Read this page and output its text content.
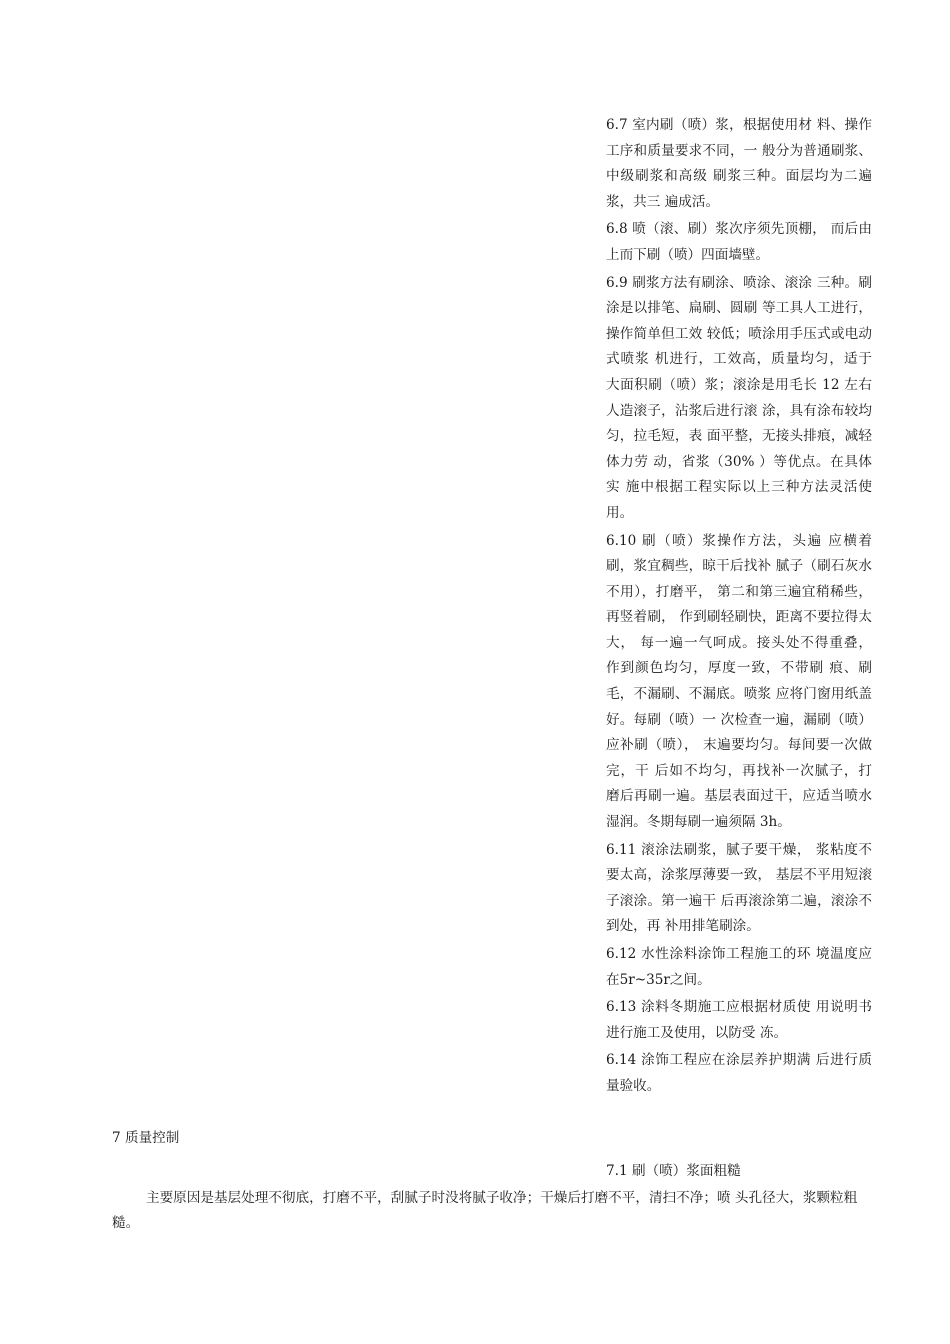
6.7 室内刷（喷）浆，根据使用材 料、操作工序和质量要求不同，一 般分为普通刷浆、中级刷浆和高级 刷浆三种。面层均为二遍浆，共三 遍成活。

6.8 喷（滚、刷）浆次序须先顶棚， 而后由上而下刷（喷）四面墙壁。

6.9 刷浆方法有刷涂、喷涂、滚涂 三种。刷涂是以排笔、扁刷、圆刷 等工具人工进行，操作简单但工效 较低；喷涂用手压式或电动式喷浆 机进行，工效高，质量均匀，适于 大面积刷（喷）浆；滚涂是用毛长 12 左右人造滚子，沾浆后进行滚 涂，具有涂布较均匀，拉毛短，表 面平整，无接头排痕，减轻体力劳 动，省浆（30% ）等优点。在具体实 施中根据工程实际以上三种方法灵活使用。

6.10 刷（喷）浆操作方法，头遍 应横着刷，浆宜稠些，晾干后找补 腻子（刷石灰水不用），打磨平， 第二和第三遍宜稍稀些，再竖着刷， 作到刷轻刷快，距离不要拉得太大， 每一遍一气呵成。接头处不得重叠， 作到颜色均匀，厚度一致，不带刷 痕、刷毛，不漏刷、不漏底。喷浆 应将门窗用纸盖好。每刷（喷）一 次检查一遍，漏刷（喷）应补刷（喷）， 末遍要均匀。每间要一次做完，干 后如不均匀，再找补一次腻子，打 磨后再刷一遍。基层表面过干，应适当喷水湿润。冬期每刷一遍须隔 3h。

6.11 滚涂法刷浆，腻子要干燥， 浆粘度不要太高，涂浆厚薄要一致， 基层不平用短滚子滚涂。第一遍干 后再滚涂第二遍，滚涂不到处，再 补用排笔刷涂。

6.12 水性涂料涂饰工程施工的环 境温度应在5r~35r之间。

6.13 涂料冬期施工应根据材质使 用说明书进行施工及使用，以防受 冻。

6.14 涂饰工程应在涂层养护期满 后进行质量验收。

7 质量控制

7.1 刷（喷）浆面粗糙

主要原因是基层处理不彻底，打磨不平，刮腻子时没将腻子收净；干燥后打磨不平，清扫不净；喷 头孔径大，浆颗粒粗糙。
